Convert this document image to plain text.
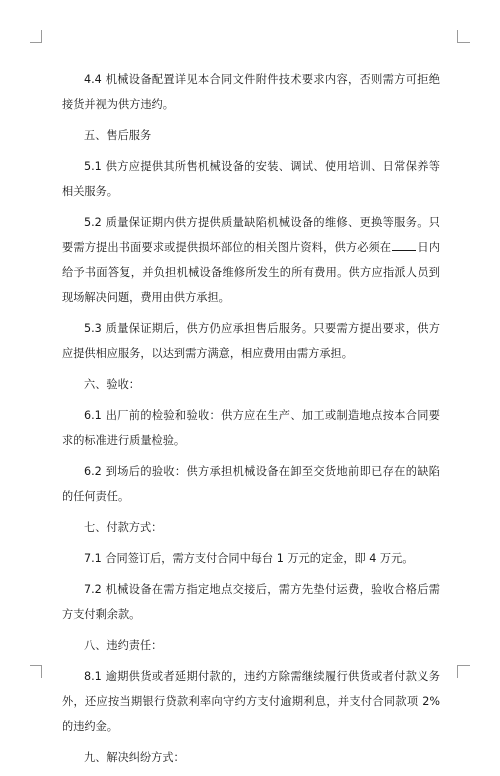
4.4 机械设备配置详见本合同文件附件技术要求内容，否则需方可拒绝接货并视为供方违约。

五、售后服务

5.1 供方应提供其所售机械设备的安装、调试、使用培训、日常保养等相关服务。

5.2 质量保证期内供方提供质量缺陷机械设备的维修、更换等服务。只要需方提出书面要求或提供损坏部位的相关图片资料，供方必须在 日内给予书面答复，并负担机械设备维修所发生的所有费用。供方应指派人员到现场解决问题，费用由供方承担。

5.3 质量保证期后，供方仍应承担售后服务。只要需方提出要求，供方应提供相应服务，以达到需方满意，相应费用由需方承担。

六、验收：

6.1 出厂前的检验和验收：供方应在生产、加工或制造地点按本合同要求的标准进行质量检验。

6.2 到场后的验收：供方承担机械设备在卸至交货地前即已存在的缺陷的任何责任。

七、付款方式：

7.1 合同签订后，需方支付合同中每台 1 万元的定金，即 4 万元。

7.2 机械设备在需方指定地点交接后，需方先垫付运费，验收合格后需方支付剩余款。

八、违约责任：

8.1 逾期供货或者延期付款的，违约方除需继续履行供货或者付款义务外，还应按当期银行贷款利率向守约方支付逾期利息，并支付合同款项 2%的违约金。

九、解决纠纷方式：
